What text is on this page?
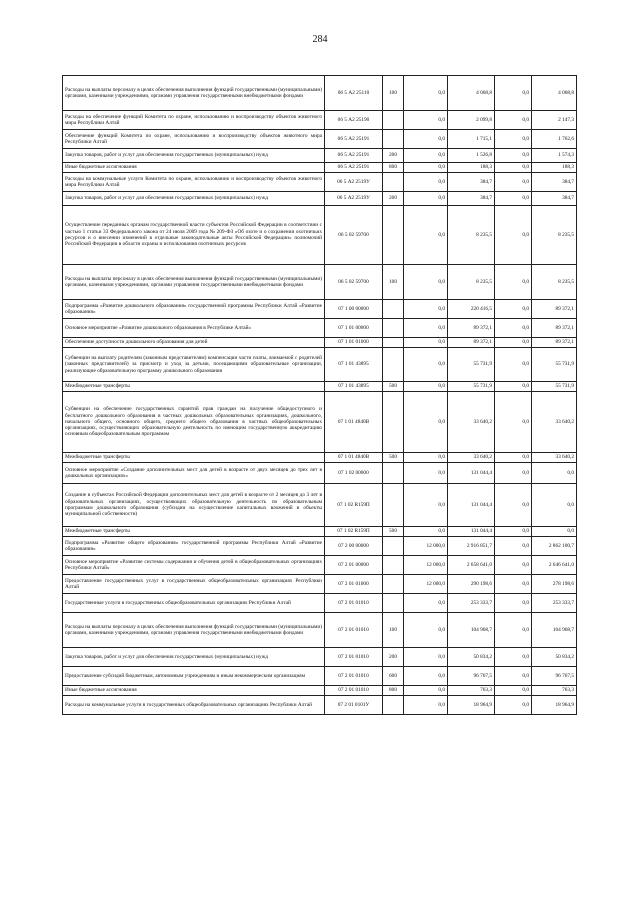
284
Расходы на выплаты персоналу в целях обеспечения выполнения функций государственными (муниципальными) органами, казенными учреждениями, органами управления государственными внебюджетными фондами	06 5 А2 25110	100	0,0	4 068,8	0,0	4 068,8
Расходы на обеспечение функций Комитета по охране, использованию и воспроизводству объектов животного мира Республики Алтай	06 5 А2 25190		0,0	2 099,8	0,0	2 147,3
Обеспечение функций Комитета по охране, использованию и воспроизводству объектов животного мира Республики Алтай	06 5 А2 25191		0,0	1 715,1	0,0	1 762,6
Закупка товаров, работ и услуг для обеспечения государственных (муниципальных) нужд	06 5 А2 25191	200	0,0	1 526,8	0,0	1 574,3
Иные бюджетные ассигнования	06 5 А2 25191	800	0,0	188,3	0,0	188,3
Расходы на коммунальные услуги Комитета по охране, использованию и воспроизводству объектов животного мира Республики Алтай	06 5 А2 2519У		0,0	384,7	0,0	384,7
Закупка товаров, работ и услуг для обеспечения государственных (муниципальных) нужд	06 5 А2 2519У	200	0,0	384,7	0,0	384,7
Осуществление переданных органам государственной власти субъектов Российской Федерации в соответствии с частью 1 статьи 33 Федерального закона от 24 июля 2009 года № 209-ФЗ «Об охоте и о сохранении охотничьих ресурсов и о внесении изменений в отдельные законодательные акты Российской Федерации» полномочий Российской Федерации в области охраны и использования охотничьих ресурсов	06 5 02 59700		0,0	8 235,5	0,0	8 235,5
Расходы на выплаты персоналу в целях обеспечения выполнения функций государственными (муниципальными) органами, казенными учреждениями, органами управления государственными внебюджетными фондами	06 5 02 59700	100	0,0	8 235,5	0,0	8 235,5
Подпрограмма «Развитие дошкольного образования» государственной программы Республики Алтай «Развитие образования»	07 1 00 00000		0,0	220 416,5	0,0	89 372,1
Основное мероприятие «Развитие дошкольного образования в Республике Алтай»	07 1 01 00000		0,0	89 372,1	0,0	89 372,1
Обеспечение доступности дошкольного образования для детей	07 1 01 01000		0,0	89 372,1	0,0	89 372,1
Субвенции на выплату родителям (законным представителям) компенсации части платы, взимаемой с родителей (законных представителей) за присмотр и уход за детьми, посещающими образовательные организации, реализующие образовательную программу дошкольного образования	07 1 01 43895		0,0	55 731,9	0,0	55 731,9
Межбюджетные трансферты	07 1 01 43895	500	0,0	55 731,9	0,0	55 731,9
Субвенции на обеспечение государственных гарантий прав граждан на получение общедоступного и бесплатного дошкольного образования в частных дошкольных образовательных организациях, дошкольного, начального общего, основного общего, среднего общего образования в частных общеобразовательных организациях, осуществляющих образовательную деятельность по имеющим государственную аккредитацию основным общеобразовательным программам	07 1 01 4840В		0,0	33 640,2	0,0	33 640,2
Межбюджетные трансферты	07 1 01 4840В	500	0,0	33 640,2	0,0	33 640,2
Основное мероприятие «Создание дополнительных мест для детей в возрасте от двух месяцев до трех лет в дошкольных организациях»	07 1 02 00000		0,0	131 044,4	0,0	0,0
Создание в субъектах Российской Федерации дополнительных мест для детей в возрасте от 2 месяцев до 3 лет в образовательных организациях, осуществляющих образовательную деятельность по образовательным программам дошкольного образования (субсидии на осуществление капитальных вложений в объекты муниципальной собственности)	07 1 02 R159П		0,0	131 044,4	0,0	0,0
Межбюджетные трансферты	07 1 02 R159П	500	0,0	131 044,4	0,0	0,0
Подпрограмма «Развитие общего образования» государственной программы Республики Алтай «Развитие образования»	07 2 00 00000		12 000,0	2 916 851,7	0,0	2 862 100,7
Основное мероприятие «Развитие системы содержания и обучения детей в общеобразовательных организациях Республики Алтай»	07 2 01 00000		12 000,0	2 658 641,0	0,0	2 646 641,0
Предоставление государственных услуг в государственных общеобразовательных организациях Республики Алтай	07 2 01 01000		12 000,0	290 198,6	0,0	278 198,6
Государственные услуги в государственных общеобразовательных организациях Республики Алтай	07 2 01 01010		0,0	253 333,7	0,0	253 333,7
Расходы на выплаты персоналу в целях обеспечения выполнения функций государственными (муниципальными) органами, казенными учреждениями, органами управления государственными внебюджетными фондами	07 2 01 01010	100	0,0	104 968,7	0,0	104 968,7
Закупка товаров, работ и услуг для обеспечения государственных (муниципальных) нужд	07 2 01 01010	200	0,0	50 834,2	0,0	50 834,2
Предоставление субсидий бюджетным, автономным учреждениям и иным некоммерческим организациям	07 2 01 01010	600	0,0	96 767,5	0,0	96 767,5
Иные бюджетные ассигнования	07 2 01 01010	800	0,0	763,3	0,0	763,3
Расходы на коммунальные услуги в государственных общеобразовательных организациях Республики Алтай	07 2 01 0101У		0,0	18 964,9	0,0	18 964,9
